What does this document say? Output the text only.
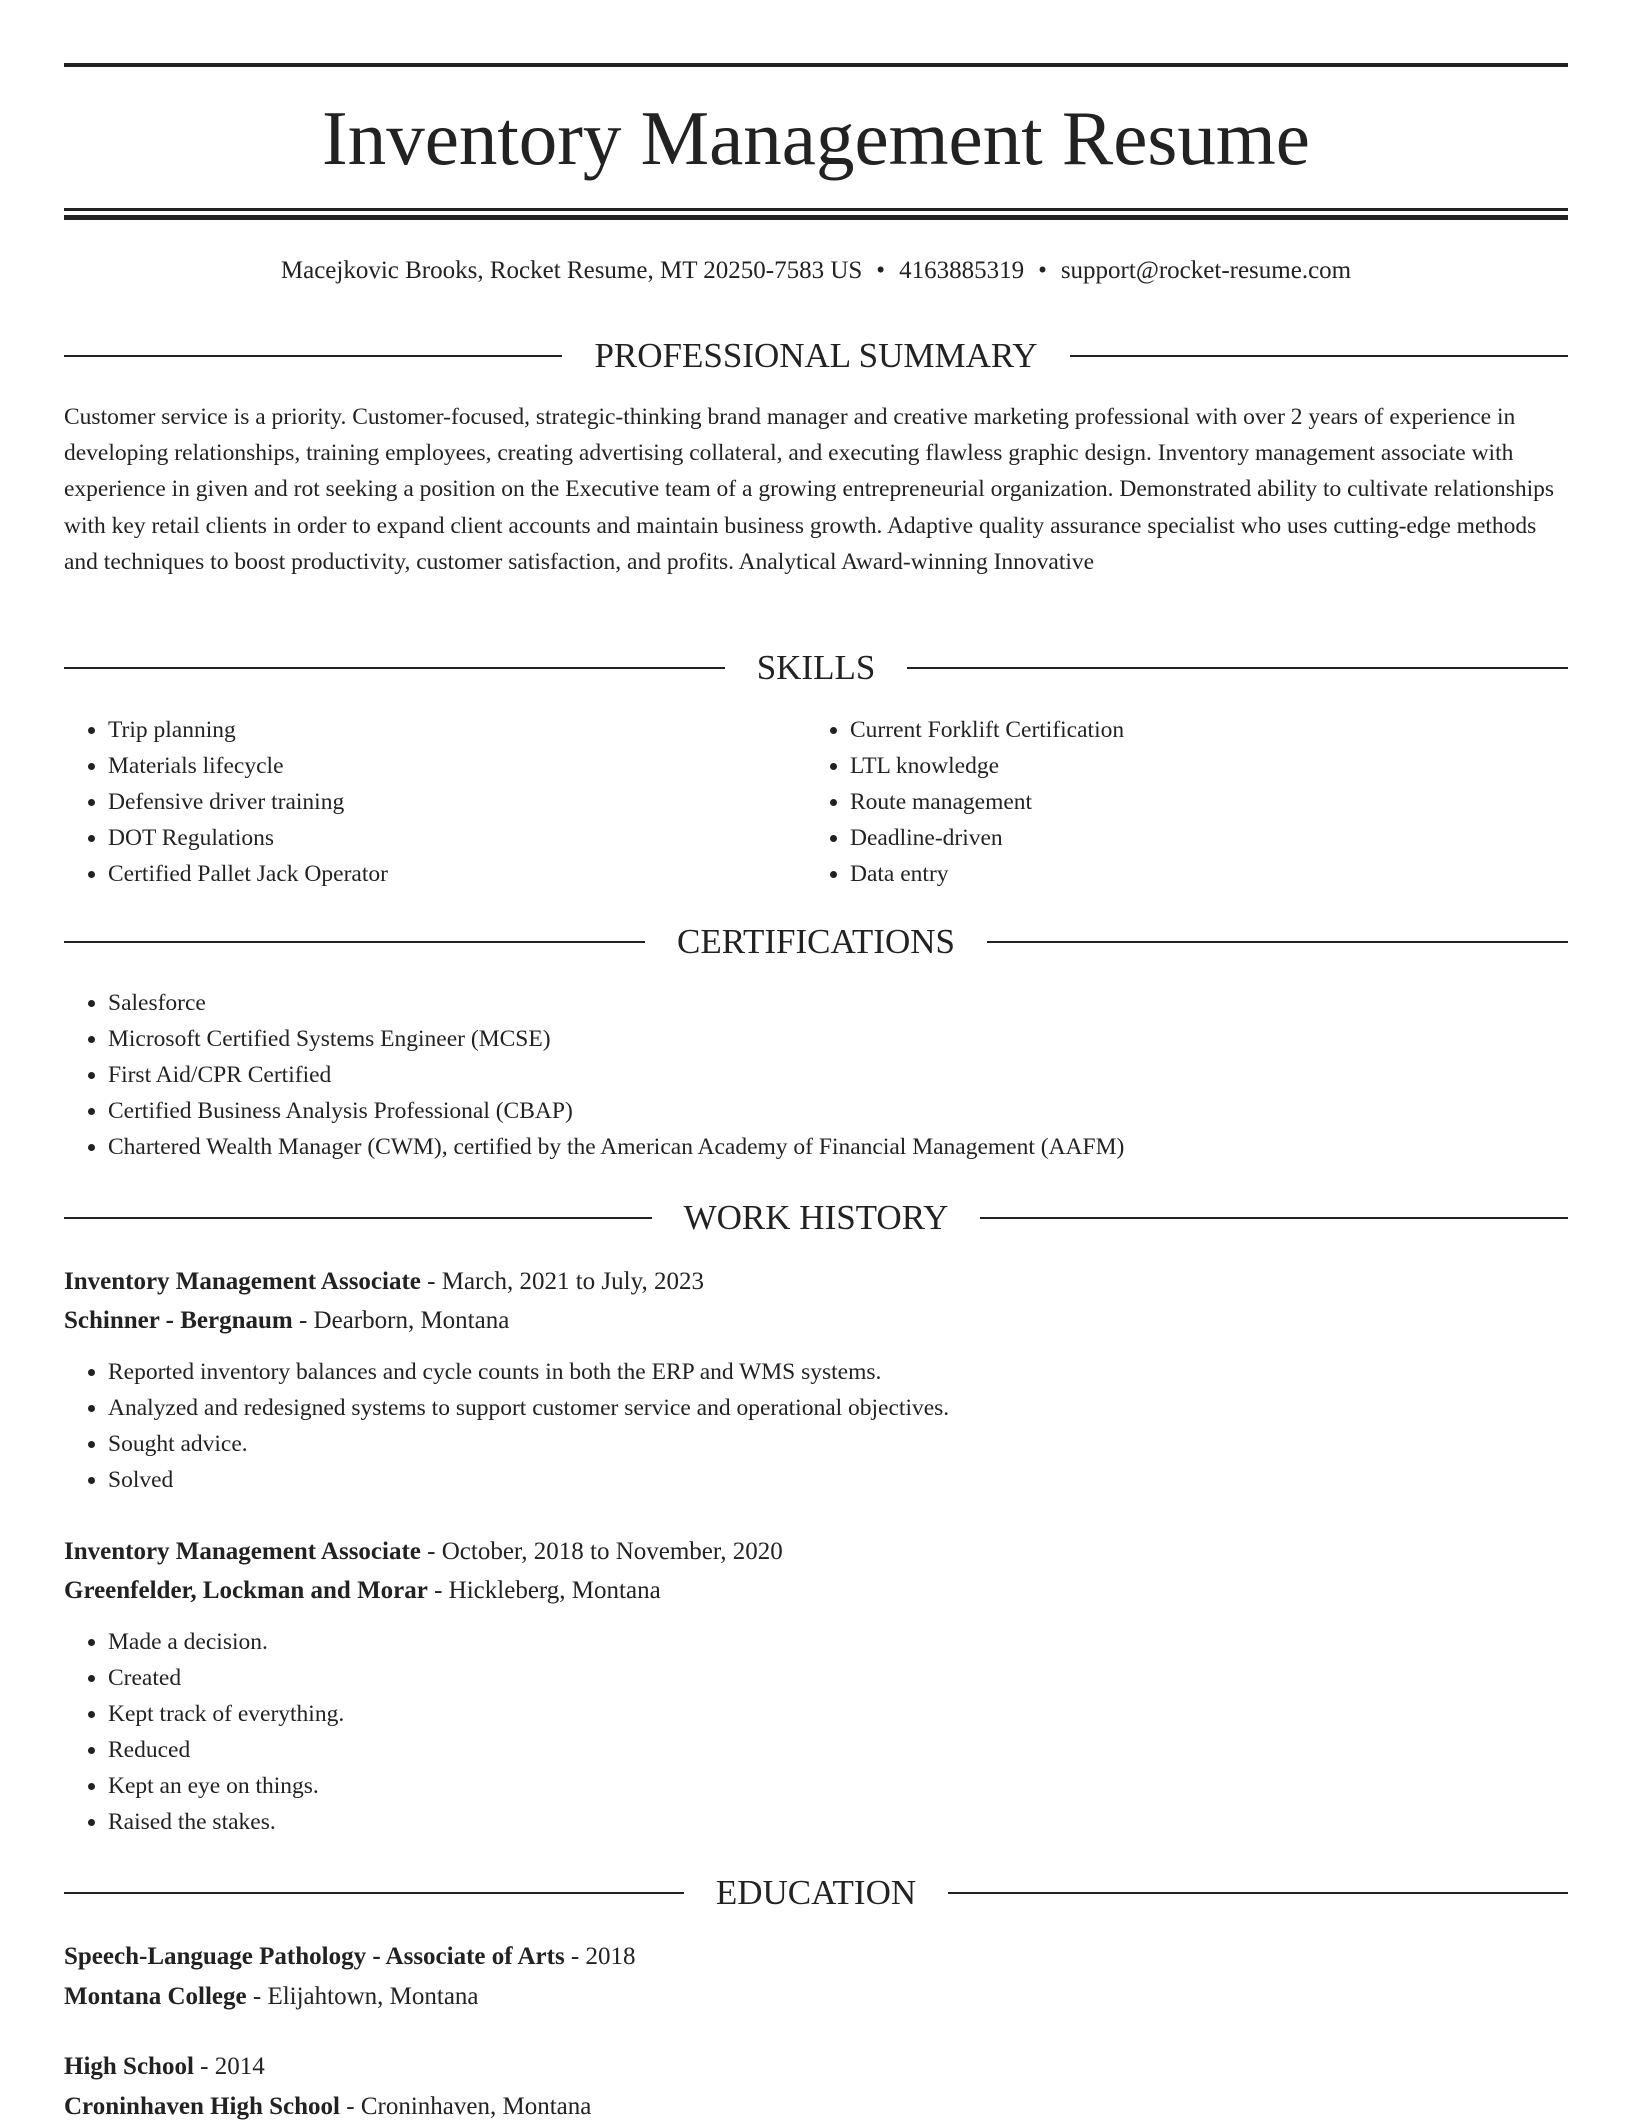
Inventory Management Resume
Macejkovic Brooks, Rocket Resume, MT 20250-7583 US • 4163885319 • support@rocket-resume.com
PROFESSIONAL SUMMARY

Customer service is a priority. Customer-focused, strategic-thinking brand manager and creative marketing professional with over 2 years of experience in developing relationships, training employees, creating advertising collateral, and executing flawless graphic design. Inventory management associate with experience in given and rot seeking a position on the Executive team of a growing entrepreneurial organization. Demonstrated ability to cultivate relationships with key retail clients in order to expand client accounts and maintain business growth. Adaptive quality assurance specialist who uses cutting-edge methods and techniques to boost productivity, customer satisfaction, and profits. Analytical Award-winning Innovative

SKILLS
• Trip planning
• Materials lifecycle
• Defensive driver training
• DOT Regulations
• Certified Pallet Jack Operator
• Current Forklift Certification
• LTL knowledge
• Route management
• Deadline-driven
• Data entry
CERTIFICATIONS
• Salesforce
• Microsoft Certified Systems Engineer (MCSE)
• First Aid/CPR Certified
• Certified Business Analysis Professional (CBAP)
• Chartered Wealth Manager (CWM), certified by the American Academy of Financial Management (AAFM)
WORK HISTORY
Inventory Management Associate - March, 2021 to July, 2023
Schinner - Bergnaum - Dearborn, Montana
• Reported inventory balances and cycle counts in both the ERP and WMS systems.
• Analyzed and redesigned systems to support customer service and operational objectives.
• Sought advice.
• Solved
Inventory Management Associate - October, 2018 to November, 2020
Greenfelder, Lockman and Morar - Hickleberg, Montana
• Made a decision.
• Created
• Kept track of everything.
• Reduced
• Kept an eye on things.
• Raised the stakes.
EDUCATION
Speech-Language Pathology - Associate of Arts - 2018
Montana College - Elijahtown, Montana
High School - 2014
Croninhaven High School - Croninhaven, Montana
